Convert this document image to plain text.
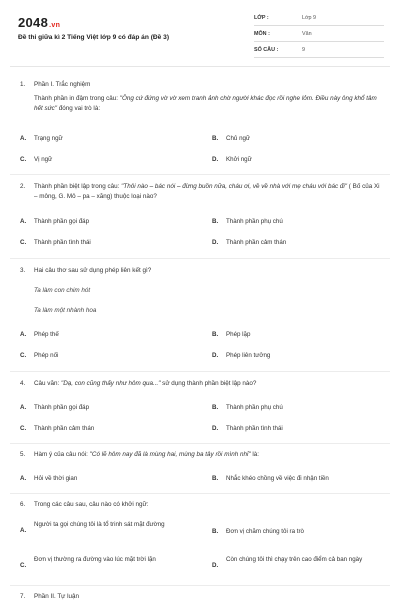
2048.vn
Đề thi giữa kì 2 Tiếng Việt lớp 9 có đáp án (Đề 3)
LỚP :	Lớp 9
MÔN :	Văn
SỐ CÂU :	9
1. Phần I. Trắc nghiệm
Thành phần in đậm trong câu: "Ông cứ đứng vờ vờ xem tranh ảnh chờ người khác đọc rồi nghe lỏm. Điều này ông khổ tâm hết sức" đóng vai trò là:
A. Trạng ngữ	B. Chủ ngữ
C. Vị ngữ	D. Khởi ngữ
2. Thành phần biệt lập trong câu: "Thôi nào – bác nói – đừng buồn nữa, cháu ơi, về về nhà với mẹ cháu với bác đi" ( Bố của Xi – mông, G. Mô – pa – xăng) thuộc loại nào?
A. Thành phần gọi đáp	B. Thành phần phụ chú
C. Thành phần tình thái	D. Thành phần cảm thán
3. Hai câu thơ sau sử dụng phép liên kết gì?
Ta làm con chim hót
Ta làm một nhành hoa
A. Phép thế	B. Phép lặp
C. Phép nối	D. Phép liên tưởng
4. Câu văn: "Dạ, con cũng thấy như hôm qua..." sử dụng thành phần biệt lập nào?
A. Thành phần gọi đáp	B. Thành phần phụ chú
C. Thành phần cảm thán	D. Thành phần tình thái
5. Hàm ý của câu nói: "Có lẽ hôm nay đã là mùng hai, mùng ba tây rồi mình nhỉ" là:
A. Hỏi về thời gian	B. Nhắc khéo chồng về việc đi nhận tiền
6. Trong các câu sau, câu nào có khởi ngữ:
A.
Người ta gọi chúng tôi là tổ trinh sát mặt đường
B. Đơn vị chăm chúng tôi ra trò
C.
Đơn vị thường ra đường vào lúc mặt trời lặn
D.
Còn chúng tôi thì chạy trên cao điểm cả ban ngày
7. Phần II. Tự luận
